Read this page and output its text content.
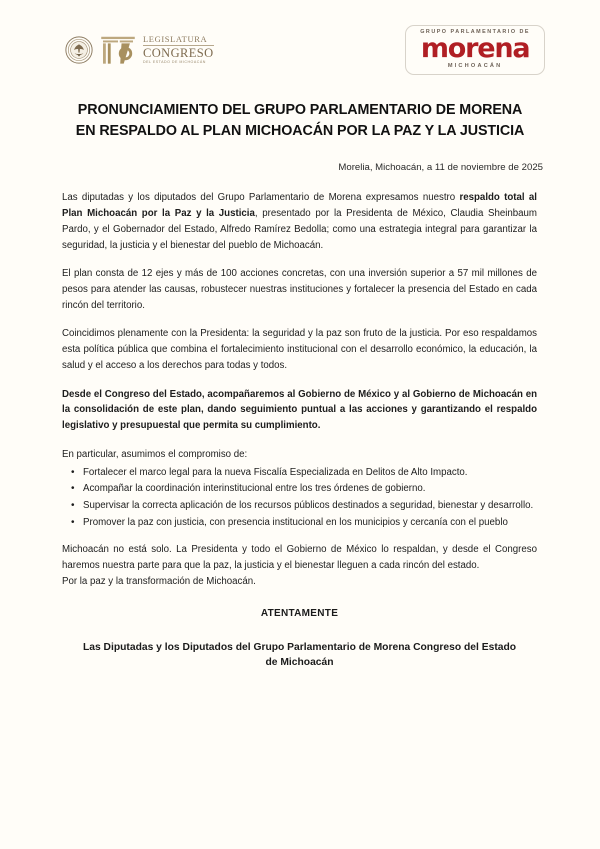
LEGISLATURA
CONGRESO
DEL ESTADO DE MICHOACÁN
GRUPO PARLAMENTARIO DE
morena
MICHOACÁN
PRONUNCIAMIENTO DEL GRUPO PARLAMENTARIO DE MORENA
EN RESPALDO AL PLAN MICHOACÁN POR LA PAZ Y LA JUSTICIA
Morelia, Michoacán, a 11 de noviembre de 2025

Las diputadas y los diputados del Grupo Parlamentario de Morena expresamos nuestro respaldo total al Plan Michoacán por la Paz y la Justicia, presentado por la Presidenta de México, Claudia Sheinbaum Pardo, y el Gobernador del Estado, Alfredo Ramírez Bedolla; como una estrategia integral para garantizar la seguridad, la justicia y el bienestar del pueblo de Michoacán.

El plan consta de 12 ejes y más de 100 acciones concretas, con una inversión superior a 57 mil millones de pesos para atender las causas, robustecer nuestras instituciones y fortalecer la presencia del Estado en cada rincón del territorio.

Coincidimos plenamente con la Presidenta: la seguridad y la paz son fruto de la justicia. Por eso respaldamos esta política pública que combina el fortalecimiento institucional con el desarrollo económico, la educación, la salud y el acceso a los derechos para todas y todos.

Desde el Congreso del Estado, acompañaremos al Gobierno de México y al Gobierno de Michoacán en la consolidación de este plan, dando seguimiento puntual a las acciones y garantizando el respaldo legislativo y presupuestal que permita su cumplimiento.

En particular, asumimos el compromiso de:

• Fortalecer el marco legal para la nueva Fiscalía Especializada en Delitos de Alto Impacto.
• Acompañar la coordinación interinstitucional entre los tres órdenes de gobierno.
• Supervisar la correcta aplicación de los recursos públicos destinados a seguridad, bienestar y desarrollo.
• Promover la paz con justicia, con presencia institucional en los municipios y cercanía con el pueblo

Michoacán no está solo. La Presidenta y todo el Gobierno de México lo respaldan, y desde el Congreso haremos nuestra parte para que la paz, la justicia y el bienestar lleguen a cada rincón del estado.

Por la paz y la transformación de Michoacán.

ATENTAMENTE
Las Diputadas y los Diputados del Grupo Parlamentario de Morena Congreso del Estado de Michoacán
